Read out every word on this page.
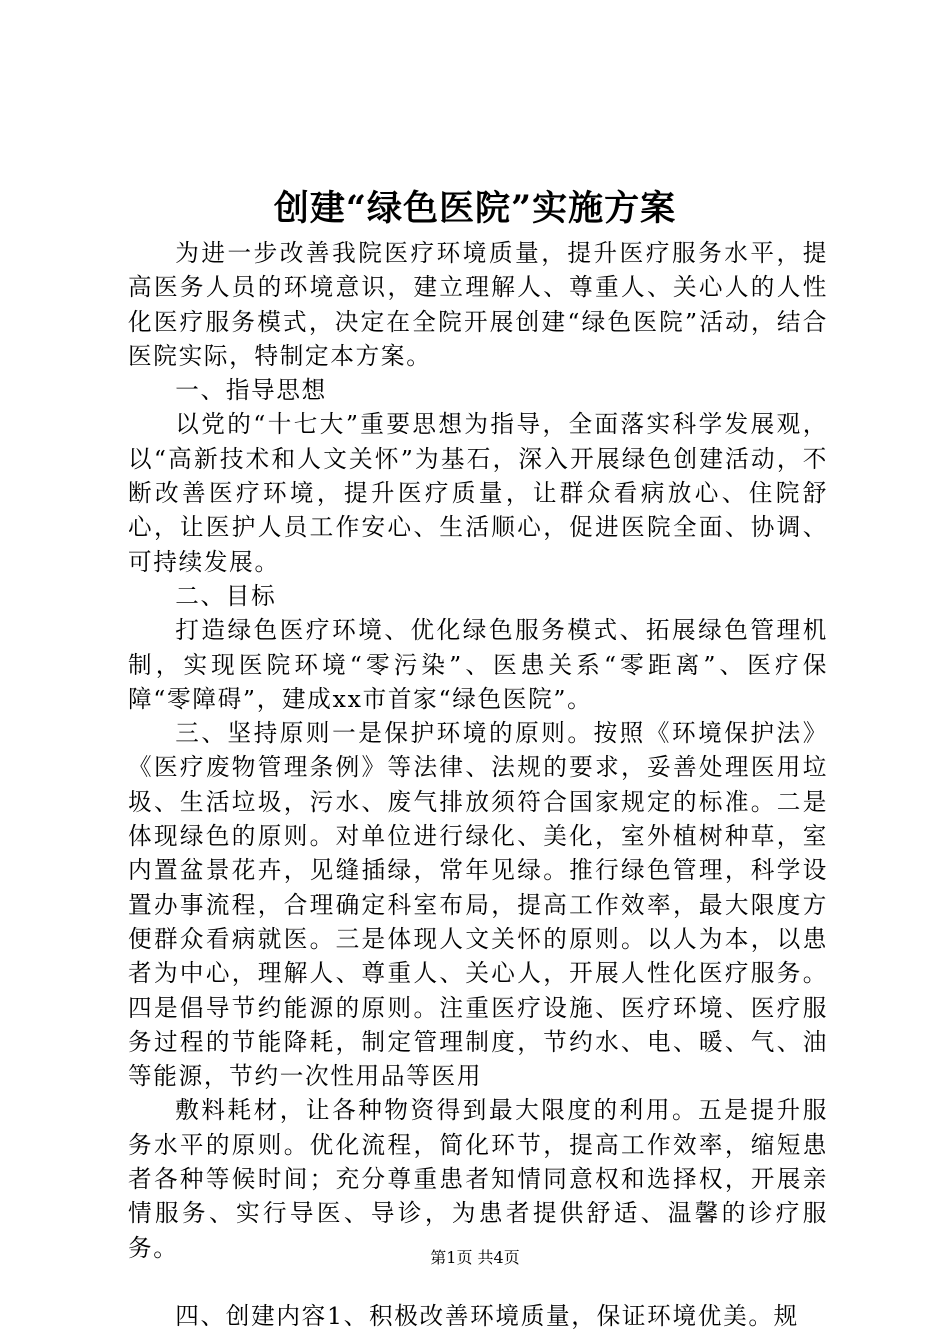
创建“绿色医院”实施方案

为进一步改善我院医疗环境质量，提升医疗服务水平，提高医务人员的环境意识，建立理解人、尊重人、关心人的人性化医疗服务模式，决定在全院开展创建“绿色医院”活动，结合医院实际，特制定本方案。

一、指导思想

以党的“十七大”重要思想为指导，全面落实科学发展观，以“高新技术和人文关怀”为基石，深入开展绿色创建活动，不断改善医疗环境，提升医疗质量，让群众看病放心、住院舒心，让医护人员工作安心、生活顺心，促进医院全面、协调、可持续发展。

二、目标

打造绿色医疗环境、优化绿色服务模式、拓展绿色管理机制，实现医院环境“零污染”、医患关系“零距离”、医疗保障“零障碍”，建成xx市首家“绿色医院”。

三、坚持原则一是保护环境的原则。按照《环境保护法》《医疗废物管理条例》等法律、法规的要求，妥善处理医用垃圾、生活垃圾，污水、废气排放须符合国家规定的标准。二是体现绿色的原则。对单位进行绿化、美化，室外植树种草，室内置盆景花卉，见缝插绿，常年见绿。推行绿色管理，科学设置办事流程，合理确定科室布局，提高工作效率，最大限度方便群众看病就医。三是体现人文关怀的原则。以人为本，以患者为中心，理解人、尊重人、关心人，开展人性化医疗服务。四是倡导节约能源的原则。注重医疗设施、医疗环境、医疗服务过程的节能降耗，制定管理制度，节约水、电、暖、气、油等能源，节约一次性用品等医用

敷料耗材，让各种物资得到最大限度的利用。五是提升服务水平的原则。优化流程，简化环节，提高工作效率，缩短患者各种等候时间；充分尊重患者知情同意权和选择权，开展亲情服务、实行导医、导诊，为患者提供舒适、温馨的诊疗服务。

四、创建内容1、积极改善环境质量，保证环境优美。规

第1页 共4页
